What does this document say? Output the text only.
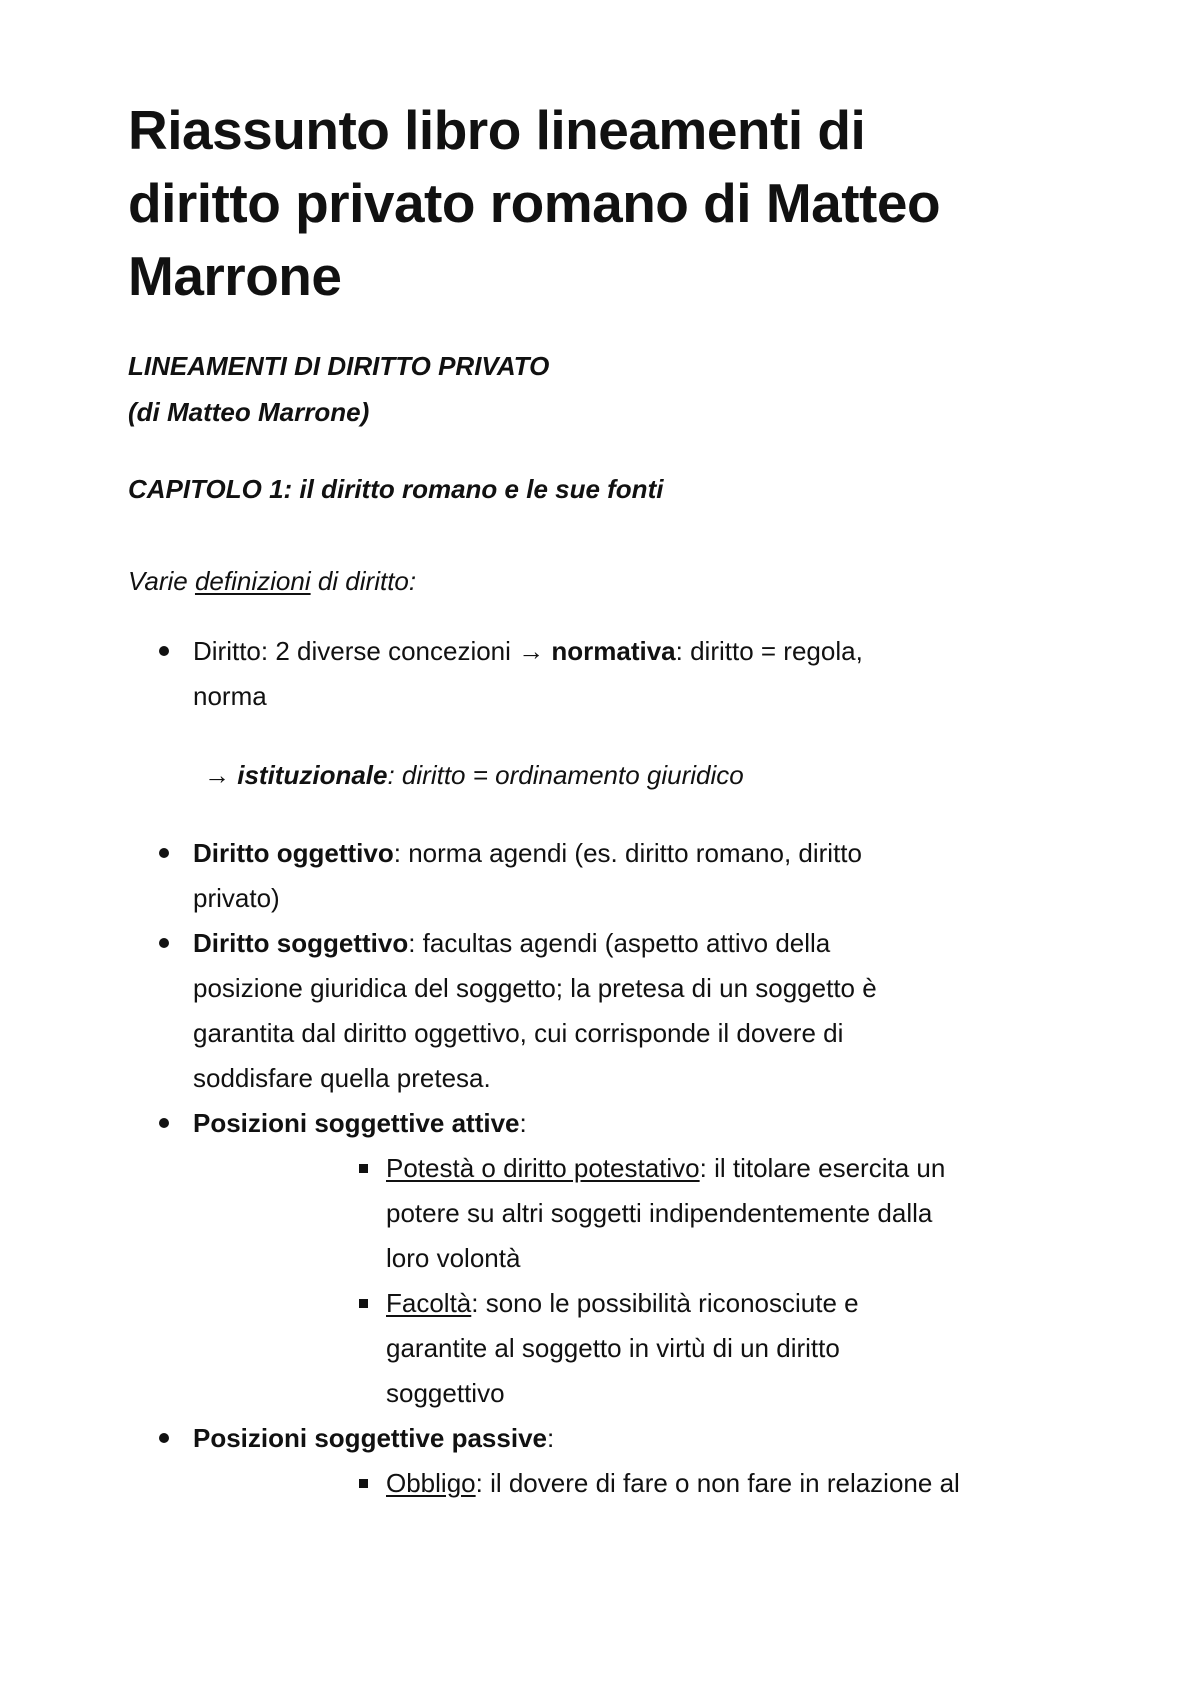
Riassunto libro lineamenti di
diritto privato romano di Matteo
Marrone

LINEAMENTI DI DIRITTO PRIVATO

(di Matteo Marrone)

CAPITOLO 1: il diritto romano e le sue fonti

Varie definizioni di diritto:

Diritto: 2 diverse concezioni → normativa: diritto = regola,

norma

→ istituzionale: diritto = ordinamento giuridico

Diritto oggettivo: norma agendi (es. diritto romano, diritto

privato)

Diritto soggettivo: facultas agendi (aspetto attivo della

posizione giuridica del soggetto; la pretesa di un soggetto è

garantita dal diritto oggettivo, cui corrisponde il dovere di

soddisfare quella pretesa.

Posizioni soggettive attive:

Potestà o diritto potestativo: il titolare esercita un

potere su altri soggetti indipendentemente dalla

loro volontà

Facoltà: sono le possibilità riconosciute e

garantite al soggetto in virtù di un diritto

soggettivo

Posizioni soggettive passive:

Obbligo: il dovere di fare o non fare in relazione al
